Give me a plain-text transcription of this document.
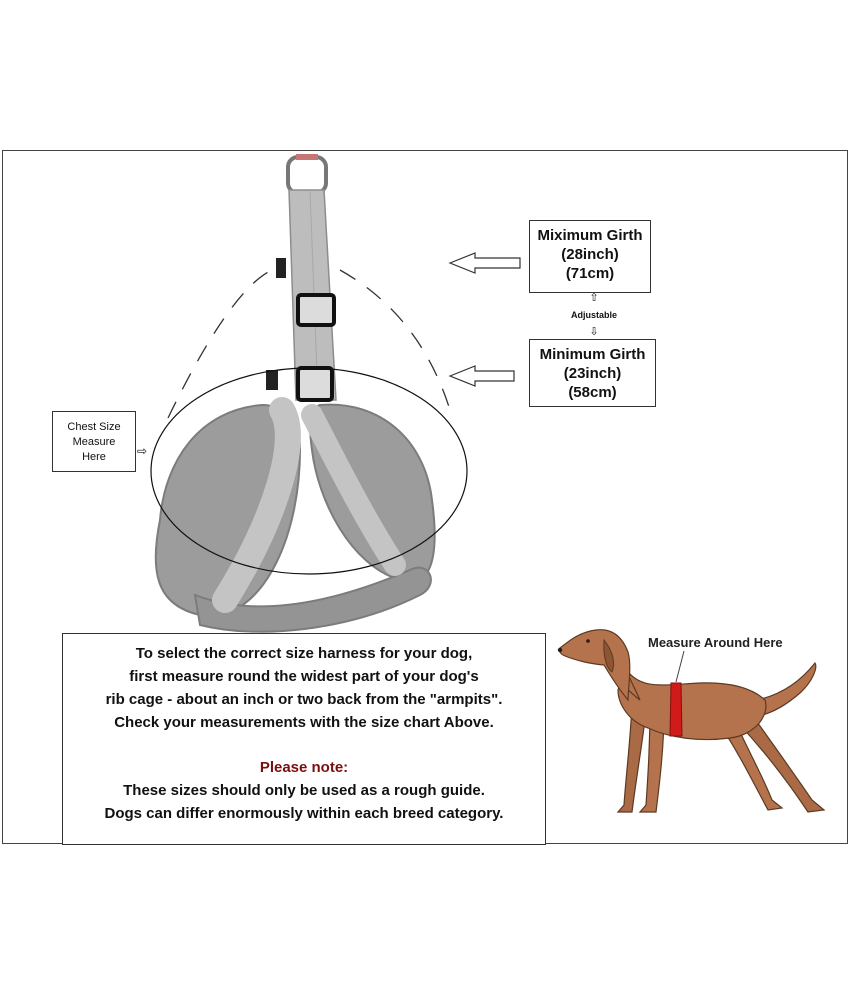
Miximum Girth
(28inch)
(71cm)
⇧
Adjustable
⇩
Minimum Girth
(23inch)
(58cm)
Chest Size
Measure
Here	⇨
To select the correct size harness for your dog,
first measure round the widest part of your dog's
rib cage - about an inch or two back from the "armpits".
Check your measurements with the size chart Above.
Please note:
These sizes should only be used as a rough guide.
Dogs can differ enormously within each breed category.
Measure Around Here
